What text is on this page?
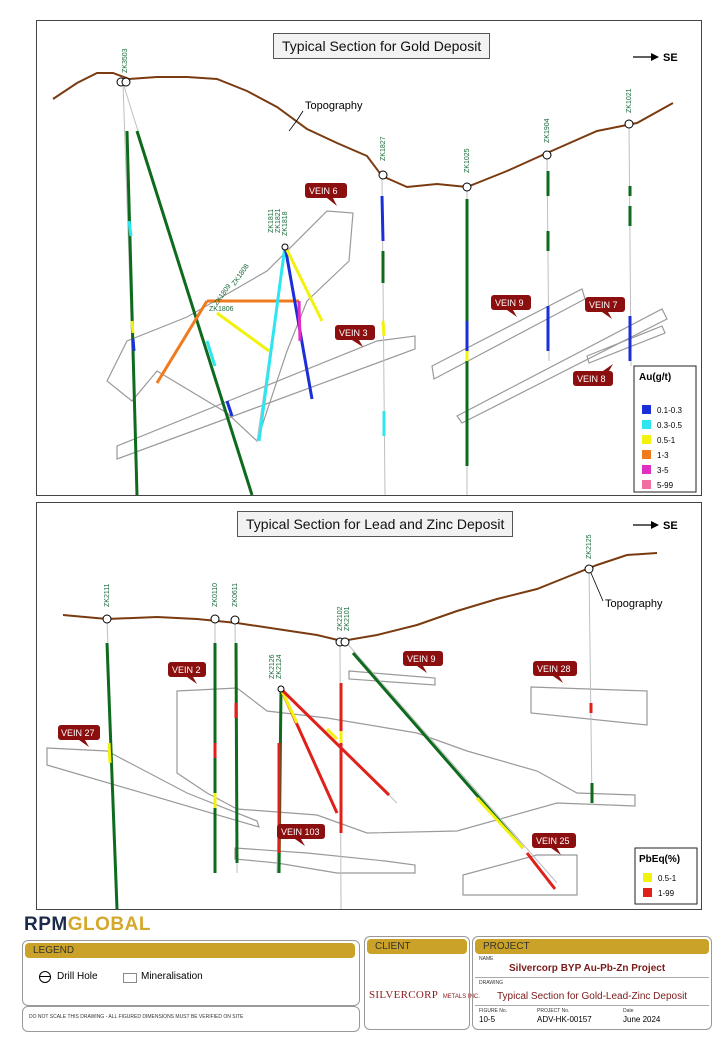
Typical Section for Gold Deposit
SE
Topography
ZK3503
ZK1827	ZK1025
ZK1904
ZK1021
ZK1818
ZK1821
ZK1811
ZK1808
ZK1809
ZK1806
VEIN 6
VEIN 3
VEIN 9	VEIN 7
VEIN 8	Au(g/t)
0.1-0.3
0.3-0.5
0.5-1
1-3
3-5
5-99
Typical Section for Lead and Zinc Deposit	SE
Topography
ZK2111	ZK0110 ZK0611
ZK2102 ZK2101
ZK2125
ZK2124
ZK2126
VEIN 2
VEIN 27
VEIN 9
VEIN 28
VEIN 103
VEIN 25
PbEq(%)
0.5-1
1-99
RPMGLOBAL
LEGEND
Drill Hole	Mineralisation
DO NOT SCALE THIS DRAWING - ALL FIGURED DIMENSIONS MUST BE VERIFIED ON SITE
CLIENT
SILVERCORP METALS INC.
PROJECT
NAME
Silvercorp BYP Au-Pb-Zn Project
DRAWING
Typical Section for Gold-Lead-Zinc Deposit
FIGURE No.
10-5
PROJECT No.
ADV-HK-00157
Date
June 2024
